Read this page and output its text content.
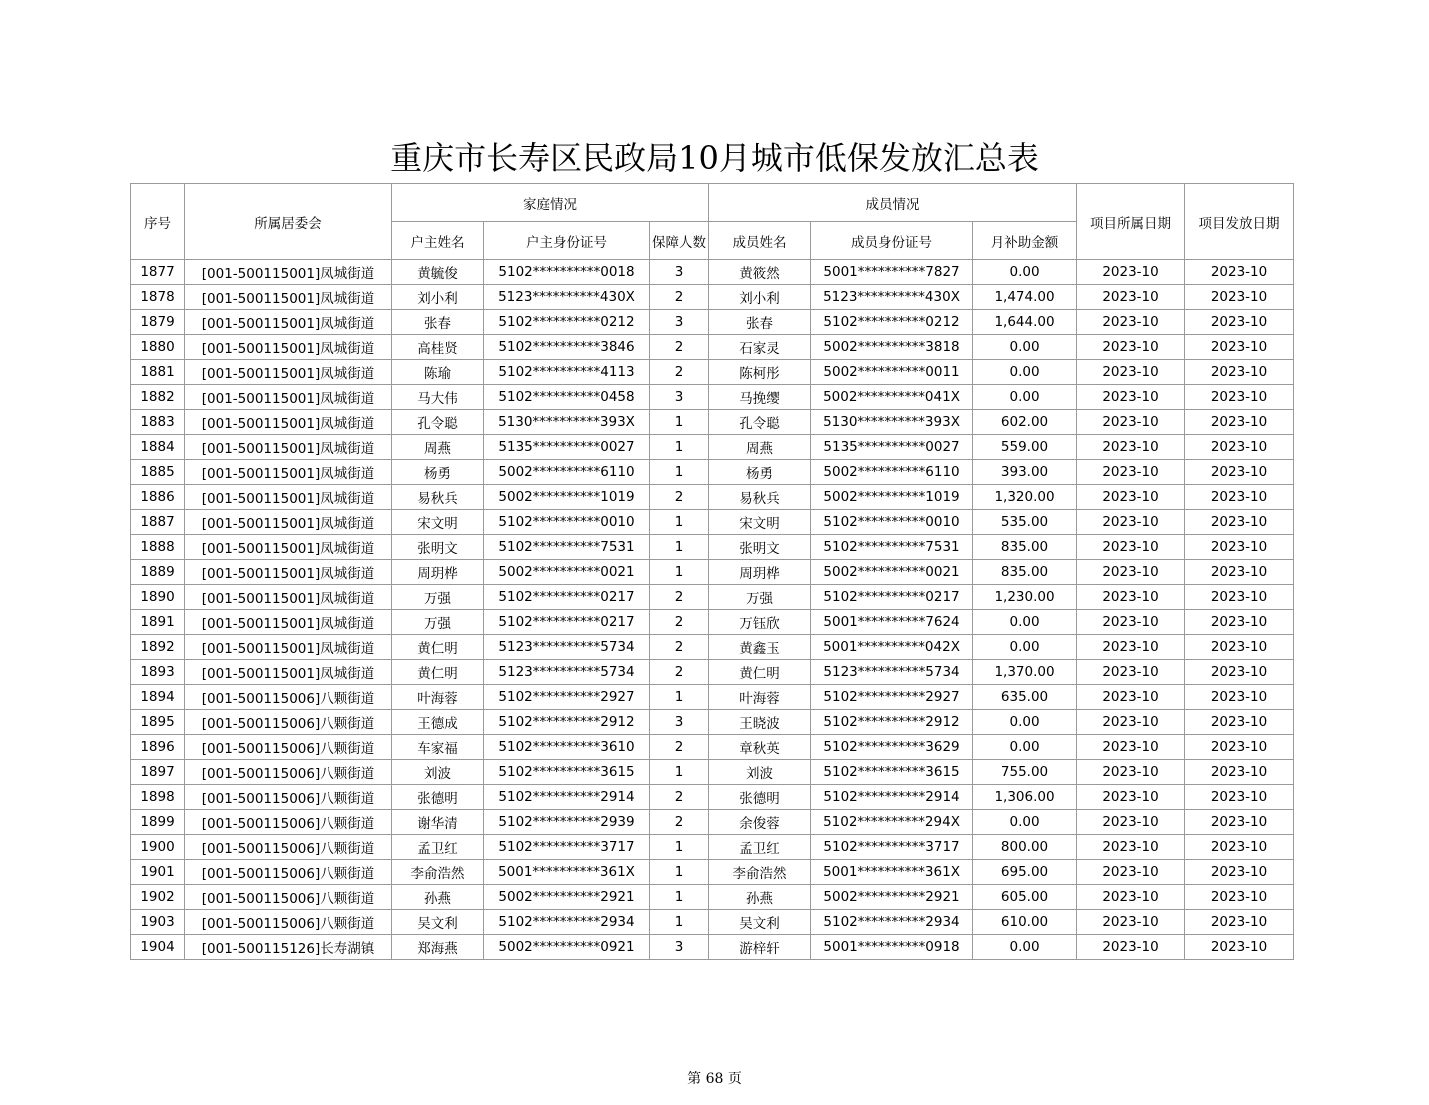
重庆市长寿区民政局10月城市低保发放汇总表
序号	所属居委会	家庭情况			成员情况			项目所属日期	项目发放日期
		户主姓名	户主身份证号	保障人数	成员姓名	成员身份证号	月补助金额		
1877	[001-500115001]凤城街道	黄毓俊	5102**********0018	3	黄筱然	5001**********7827	0.00	2023-10	2023-10
1878	[001-500115001]凤城街道	刘小利	5123**********430X	2	刘小利	5123**********430X	1,474.00	2023-10	2023-10
1879	[001-500115001]凤城街道	张春	5102**********0212	3	张春	5102**********0212	1,644.00	2023-10	2023-10
1880	[001-500115001]凤城街道	高桂贤	5102**********3846	2	石家灵	5002**********3818	0.00	2023-10	2023-10
1881	[001-500115001]凤城街道	陈瑜	5102**********4113	2	陈柯彤	5002**********0011	0.00	2023-10	2023-10
1882	[001-500115001]凤城街道	马大伟	5102**********0458	3	马挽缨	5002**********041X	0.00	2023-10	2023-10
1883	[001-500115001]凤城街道	孔令聪	5130**********393X	1	孔令聪	5130**********393X	602.00	2023-10	2023-10
1884	[001-500115001]凤城街道	周燕	5135**********0027	1	周燕	5135**********0027	559.00	2023-10	2023-10
1885	[001-500115001]凤城街道	杨勇	5002**********6110	1	杨勇	5002**********6110	393.00	2023-10	2023-10
1886	[001-500115001]凤城街道	易秋兵	5002**********1019	2	易秋兵	5002**********1019	1,320.00	2023-10	2023-10
1887	[001-500115001]凤城街道	宋文明	5102**********0010	1	宋文明	5102**********0010	535.00	2023-10	2023-10
1888	[001-500115001]凤城街道	张明文	5102**********7531	1	张明文	5102**********7531	835.00	2023-10	2023-10
1889	[001-500115001]凤城街道	周玥桦	5002**********0021	1	周玥桦	5002**********0021	835.00	2023-10	2023-10
1890	[001-500115001]凤城街道	万强	5102**********0217	2	万强	5102**********0217	1,230.00	2023-10	2023-10
1891	[001-500115001]凤城街道	万强	5102**********0217	2	万钰欣	5001**********7624	0.00	2023-10	2023-10
1892	[001-500115001]凤城街道	黄仁明	5123**********5734	2	黄鑫玉	5001**********042X	0.00	2023-10	2023-10
1893	[001-500115001]凤城街道	黄仁明	5123**********5734	2	黄仁明	5123**********5734	1,370.00	2023-10	2023-10
1894	[001-500115006]八颗街道	叶海蓉	5102**********2927	1	叶海蓉	5102**********2927	635.00	2023-10	2023-10
1895	[001-500115006]八颗街道	王德成	5102**********2912	3	王晓波	5102**********2912	0.00	2023-10	2023-10
1896	[001-500115006]八颗街道	车家福	5102**********3610	2	章秋英	5102**********3629	0.00	2023-10	2023-10
1897	[001-500115006]八颗街道	刘波	5102**********3615	1	刘波	5102**********3615	755.00	2023-10	2023-10
1898	[001-500115006]八颗街道	张德明	5102**********2914	2	张德明	5102**********2914	1,306.00	2023-10	2023-10
1899	[001-500115006]八颗街道	谢华清	5102**********2939	2	余俊蓉	5102**********294X	0.00	2023-10	2023-10
1900	[001-500115006]八颗街道	孟卫红	5102**********3717	1	孟卫红	5102**********3717	800.00	2023-10	2023-10
1901	[001-500115006]八颗街道	李俞浩然	5001**********361X	1	李俞浩然	5001**********361X	695.00	2023-10	2023-10
1902	[001-500115006]八颗街道	孙燕	5002**********2921	1	孙燕	5002**********2921	605.00	2023-10	2023-10
1903	[001-500115006]八颗街道	吴文利	5102**********2934	1	吴文利	5102**********2934	610.00	2023-10	2023-10
1904	[001-500115126]长寿湖镇	郑海燕	5002**********0921	3	游梓轩	5001**********0918	0.00	2023-10	2023-10
第 68 页
